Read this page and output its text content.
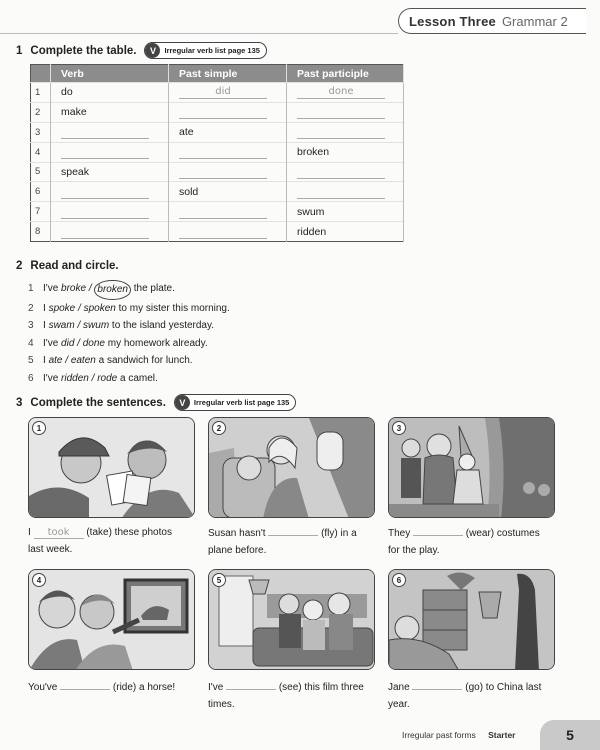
Lesson Three Grammar 2
1 Complete the table.	V	Irregular verb list page 135
	Verb	Past simple	Past participle
1	do	did	done

2	make	

3		ate	

4			broken
5	speak	

6		sold	

7			swum
8			ridden
2 Read and circle.
1 I've broke / broken the plate.
2 I spoke / spoken to my sister this morning.
3 I swam / swum to the island yesterday.
4 I've did / done my homework already.
5 I ate / eaten a sandwich for lunch.
6 I've ridden / rode a camel.
3 Complete the sentences.	V	Irregular verb list page 135
1
I took (take) these photos
last week.
2
Susan hasn't	(fly) in a
plane before.
3
They	(wear) costumes
for the play.
4
You've	(ride) a horse!

5
I've	(see) this film three
times.
6
Jane	(go) to China last
year.
Irregular past forms Starter	5
